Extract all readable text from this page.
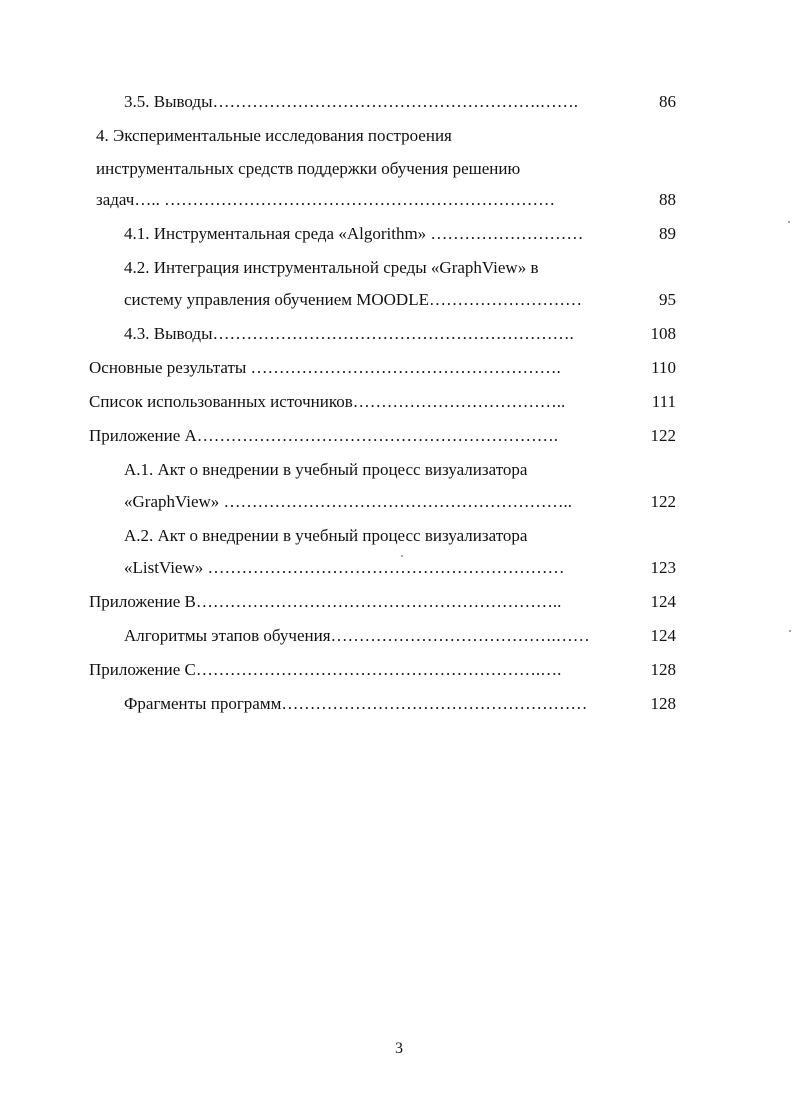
3.5. Выводы………………………………………………….…….	86
4. Экспериментальные исследования построения
инструментальных средств поддержки обучения решению
задач….. ……………………………………………………………	88
4.1. Инструментальная среда «Algorithm» ………………………	89
4.2. Интеграция инструментальной среды «GraphView» в
систему управления обучением MOODLE………………………	95
4.3. Выводы……………………………………………………….	108
Основные результаты ……………………………………………….	110
Список использованных источников………………………………..	111
Приложение А……………………………………………………….	122
А.1. Акт о внедрении в учебный процесс визуализатора
«GraphView» ……………………………………………………..	122
А.2. Акт о внедрении в учебный процесс визуализатора
«ListView» ………………………………………………………	123
Приложение В………………………………………………………..	124
Алгоритмы этапов обучения………………………………….……	124
Приложение С…………………………………………………….….	128
Фрагменты программ………………………………………………	128
3
